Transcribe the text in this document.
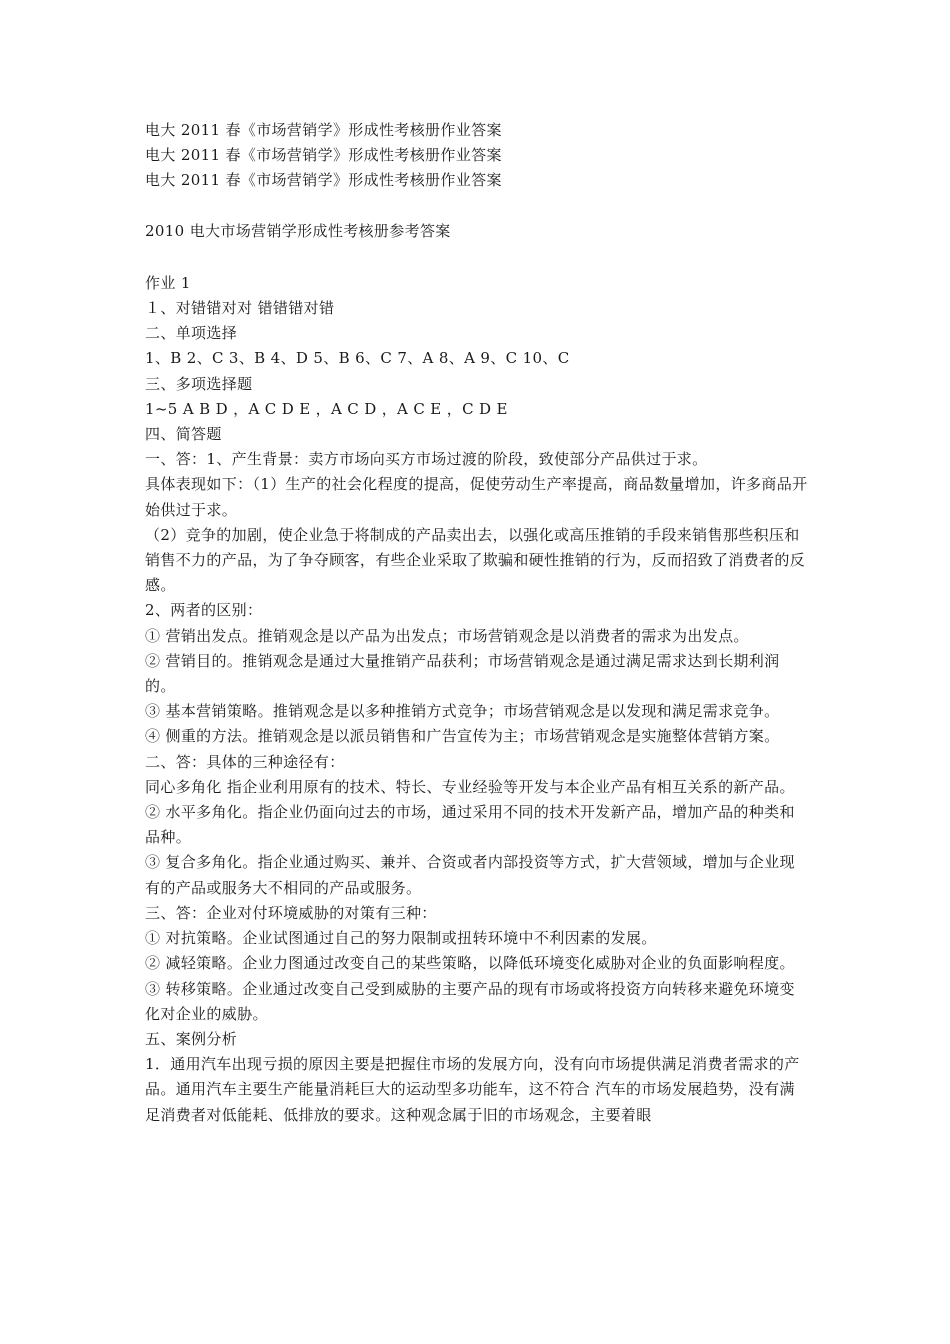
电大 2011 春《市场营销学》形成性考核册作业答案

电大 2011 春《市场营销学》形成性考核册作业答案

电大 2011 春《市场营销学》形成性考核册作业答案

2010 电大市场营销学形成性考核册参考答案

作业 1

１、对错错对对 错错错对错

二、单项选择

1、B 2、C 3、B 4、D 5、B 6、C 7、A 8、A 9、C 10、C

三、多项选择题

1~5 A B D ，A C D E ，A C D ，A C E ，C D E

四、简答题

一、答：1、产生背景：卖方市场向买方市场过渡的阶段，致使部分产品供过于求。

具体表现如下：（1）生产的社会化程度的提高，促使劳动生产率提高，商品数量增加，许多商品开始供过于求。

（2）竞争的加剧，使企业急于将制成的产品卖出去，以强化或高压推销的手段来销售那些积压和销售不力的产品，为了争夺顾客，有些企业采取了欺骗和硬性推销的行为，反而招致了消费者的反感。

2、两者的区别：

① 营销出发点。推销观念是以产品为出发点；市场营销观念是以消费者的需求为出发点。

② 营销目的。推销观念是通过大量推销产品获利；市场营销观念是通过满足需求达到长期利润的。

③ 基本营销策略。推销观念是以多种推销方式竞争；市场营销观念是以发现和满足需求竞争。

④ 侧重的方法。推销观念是以派员销售和广告宣传为主；市场营销观念是实施整体营销方案。

二、答：具体的三种途径有：

同心多角化 指企业利用原有的技术、特长、专业经验等开发与本企业产品有相互关系的新产品。

② 水平多角化。指企业仍面向过去的市场，通过采用不同的技术开发新产品，增加产品的种类和品种。

③ 复合多角化。指企业通过购买、兼并、合资或者内部投资等方式，扩大营领域，增加与企业现有的产品或服务大不相同的产品或服务。

三、答：企业对付环境威胁的对策有三种：

① 对抗策略。企业试图通过自己的努力限制或扭转环境中不利因素的发展。

② 减轻策略。企业力图通过改变自己的某些策略，以降低环境变化威胁对企业的负面影响程度。

③ 转移策略。企业通过改变自己受到威胁的主要产品的现有市场或将投资方向转移来避免环境变化对企业的威胁。

五、案例分析

1．通用汽车出现亏损的原因主要是把握住市场的发展方向，没有向市场提供满足消费者需求的产品。通用汽车主要生产能量消耗巨大的运动型多功能车，这不符合 汽车的市场发展趋势，没有满足消费者对低能耗、低排放的要求。这种观念属于旧的市场观念，主要着眼
